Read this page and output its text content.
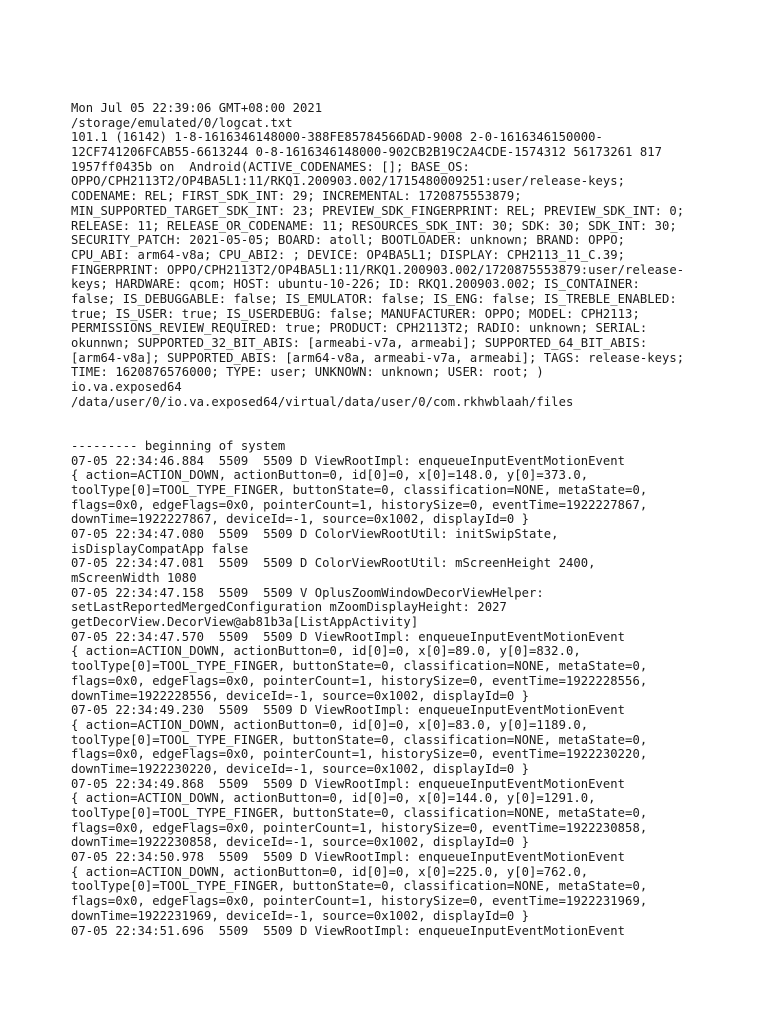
Mon Jul 05 22:39:06 GMT+08:00 2021
/storage/emulated/0/logcat.txt
101.1 (16142) 1-8-1616346148000-388FE85784566DAD-9008 2-0-1616346150000-
12CF741206FCAB55-6613244 0-8-1616346148000-902CB2B19C2A4CDE-1574312 56173261 817
1957ff0435b on  Android(ACTIVE_CODENAMES: []; BASE_OS:
OPPO/CPH2113T2/OP4BA5L1:11/RKQ1.200903.002/1715480009251:user/release-keys;
CODENAME: REL; FIRST_SDK_INT: 29; INCREMENTAL: 1720875553879;
MIN_SUPPORTED_TARGET_SDK_INT: 23; PREVIEW_SDK_FINGERPRINT: REL; PREVIEW_SDK_INT: 0;
RELEASE: 11; RELEASE_OR_CODENAME: 11; RESOURCES_SDK_INT: 30; SDK: 30; SDK_INT: 30;
SECURITY_PATCH: 2021-05-05; BOARD: atoll; BOOTLOADER: unknown; BRAND: OPPO;
CPU_ABI: arm64-v8a; CPU_ABI2: ; DEVICE: OP4BA5L1; DISPLAY: CPH2113_11_C.39;
FINGERPRINT: OPPO/CPH2113T2/OP4BA5L1:11/RKQ1.200903.002/1720875553879:user/release-
keys; HARDWARE: qcom; HOST: ubuntu-10-226; ID: RKQ1.200903.002; IS_CONTAINER:
false; IS_DEBUGGABLE: false; IS_EMULATOR: false; IS_ENG: false; IS_TREBLE_ENABLED:
true; IS_USER: true; IS_USERDEBUG: false; MANUFACTURER: OPPO; MODEL: CPH2113;
PERMISSIONS_REVIEW_REQUIRED: true; PRODUCT: CPH2113T2; RADIO: unknown; SERIAL:
okunnwn; SUPPORTED_32_BIT_ABIS: [armeabi-v7a, armeabi]; SUPPORTED_64_BIT_ABIS:
[arm64-v8a]; SUPPORTED_ABIS: [arm64-v8a, armeabi-v7a, armeabi]; TAGS: release-keys;
TIME: 1620876576000; TYPE: user; UNKNOWN: unknown; USER: root; )
io.va.exposed64
/data/user/0/io.va.exposed64/virtual/data/user/0/com.rkhwblaah/files
--------- beginning of system
07-05 22:34:46.884  5509  5509 D ViewRootImpl: enqueueInputEventMotionEvent
{ action=ACTION_DOWN, actionButton=0, id[0]=0, x[0]=148.0, y[0]=373.0,
toolType[0]=TOOL_TYPE_FINGER, buttonState=0, classification=NONE, metaState=0,
flags=0x0, edgeFlags=0x0, pointerCount=1, historySize=0, eventTime=1922227867,
downTime=1922227867, deviceId=-1, source=0x1002, displayId=0 }
07-05 22:34:47.080  5509  5509 D ColorViewRootUtil: initSwipState,
isDisplayCompatApp false
07-05 22:34:47.081  5509  5509 D ColorViewRootUtil: mScreenHeight 2400,
mScreenWidth 1080
07-05 22:34:47.158  5509  5509 V OplusZoomWindowDecorViewHelper:
setLastReportedMergedConfiguration mZoomDisplayHeight: 2027
getDecorView.DecorView@ab81b3a[ListAppActivity]
07-05 22:34:47.570  5509  5509 D ViewRootImpl: enqueueInputEventMotionEvent
{ action=ACTION_DOWN, actionButton=0, id[0]=0, x[0]=89.0, y[0]=832.0,
toolType[0]=TOOL_TYPE_FINGER, buttonState=0, classification=NONE, metaState=0,
flags=0x0, edgeFlags=0x0, pointerCount=1, historySize=0, eventTime=1922228556,
downTime=1922228556, deviceId=-1, source=0x1002, displayId=0 }
07-05 22:34:49.230  5509  5509 D ViewRootImpl: enqueueInputEventMotionEvent
{ action=ACTION_DOWN, actionButton=0, id[0]=0, x[0]=83.0, y[0]=1189.0,
toolType[0]=TOOL_TYPE_FINGER, buttonState=0, classification=NONE, metaState=0,
flags=0x0, edgeFlags=0x0, pointerCount=1, historySize=0, eventTime=1922230220,
downTime=1922230220, deviceId=-1, source=0x1002, displayId=0 }
07-05 22:34:49.868  5509  5509 D ViewRootImpl: enqueueInputEventMotionEvent
{ action=ACTION_DOWN, actionButton=0, id[0]=0, x[0]=144.0, y[0]=1291.0,
toolType[0]=TOOL_TYPE_FINGER, buttonState=0, classification=NONE, metaState=0,
flags=0x0, edgeFlags=0x0, pointerCount=1, historySize=0, eventTime=1922230858,
downTime=1922230858, deviceId=-1, source=0x1002, displayId=0 }
07-05 22:34:50.978  5509  5509 D ViewRootImpl: enqueueInputEventMotionEvent
{ action=ACTION_DOWN, actionButton=0, id[0]=0, x[0]=225.0, y[0]=762.0,
toolType[0]=TOOL_TYPE_FINGER, buttonState=0, classification=NONE, metaState=0,
flags=0x0, edgeFlags=0x0, pointerCount=1, historySize=0, eventTime=1922231969,
downTime=1922231969, deviceId=-1, source=0x1002, displayId=0 }
07-05 22:34:51.696  5509  5509 D ViewRootImpl: enqueueInputEventMotionEvent
